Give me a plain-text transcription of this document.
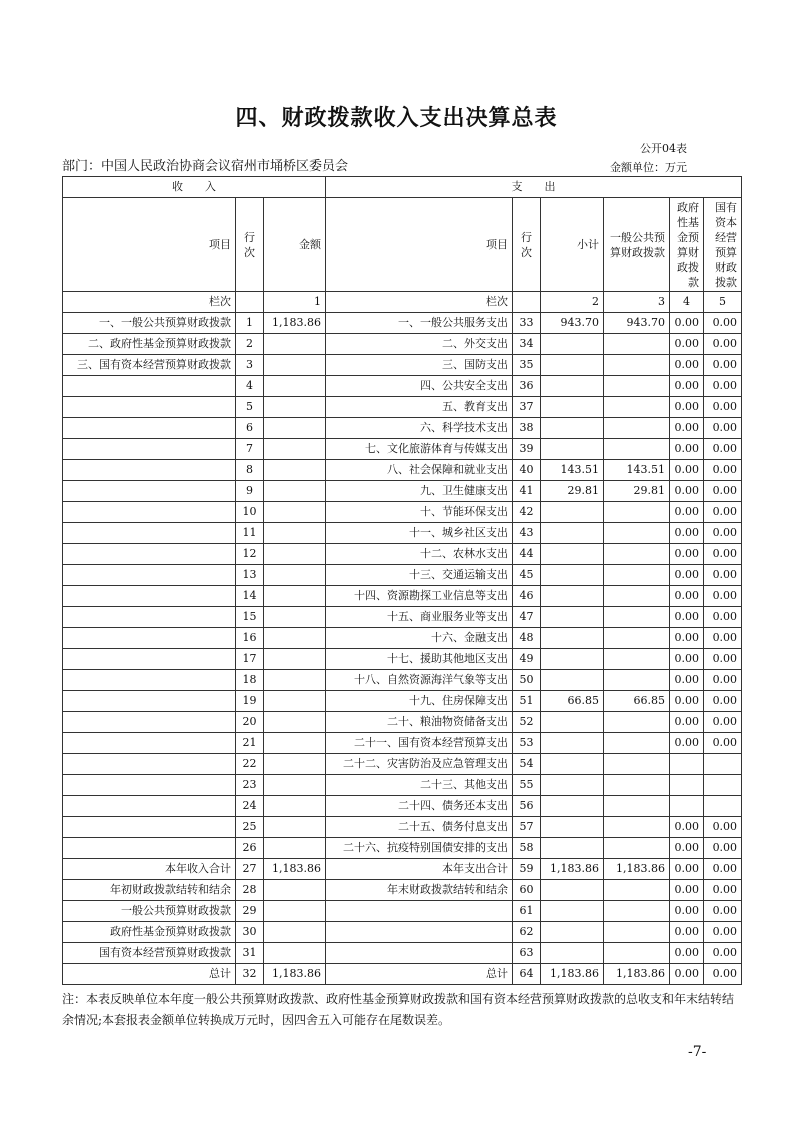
四、财政拨款收入支出决算总表
公开04表
部门：中国人民政治协商会议宿州市埇桥区委员会	金额单位：万元
收　　入			支　　出					
项目	行次	金额	项目	行次	小计	一般公共预算财政拨款	政府性基金预算财政拨款	国有资本经营预算财政拨款
栏次		1	栏次		2	3	4	5
一、一般公共预算财政拨款	1	1,183.86	一、一般公共服务支出	33	943.70	943.70	0.00	0.00
二、政府性基金预算财政拨款	2		二、外交支出	34			0.00	0.00
三、国有资本经营预算财政拨款	3		三、国防支出	35			0.00	0.00
	4		四、公共安全支出	36			0.00	0.00
	5		五、教育支出	37			0.00	0.00
	6		六、科学技术支出	38			0.00	0.00
	7		七、文化旅游体育与传媒支出	39			0.00	0.00
	8		八、社会保障和就业支出	40	143.51	143.51	0.00	0.00
	9		九、卫生健康支出	41	29.81	29.81	0.00	0.00
	10		十、节能环保支出	42			0.00	0.00
	11		十一、城乡社区支出	43			0.00	0.00
	12		十二、农林水支出	44			0.00	0.00
	13		十三、交通运输支出	45			0.00	0.00
	14		十四、资源勘探工业信息等支出	46			0.00	0.00
	15		十五、商业服务业等支出	47			0.00	0.00
	16		十六、金融支出	48			0.00	0.00
	17		十七、援助其他地区支出	49			0.00	0.00
	18		十八、自然资源海洋气象等支出	50			0.00	0.00
	19		十九、住房保障支出	51	66.85	66.85	0.00	0.00
	20		二十、粮油物资储备支出	52			0.00	0.00
	21		二十一、国有资本经营预算支出	53			0.00	0.00
	22		二十二、灾害防治及应急管理支出	54				
	23		二十三、其他支出	55				
	24		二十四、债务还本支出	56				
	25		二十五、债务付息支出	57			0.00	0.00
	26		二十六、抗疫特别国债安排的支出	58			0.00	0.00
本年收入合计	27	1,183.86	本年支出合计	59	1,183.86	1,183.86	0.00	0.00
年初财政拨款结转和结余	28		年末财政拨款结转和结余	60			0.00	0.00
一般公共预算财政拨款	29			61			0.00	0.00
政府性基金预算财政拨款	30			62			0.00	0.00
国有资本经营预算财政拨款	31			63			0.00	0.00
总计	32	1,183.86	总计	64	1,183.86	1,183.86	0.00	0.00
注：本表反映单位本年度一般公共预算财政拨款、政府性基金预算财政拨款和国有资本经营预算财政拨款的总收支和年末结转结余情况;本套报表金额单位转换成万元时，因四舍五入可能存在尾数误差。
-7-
